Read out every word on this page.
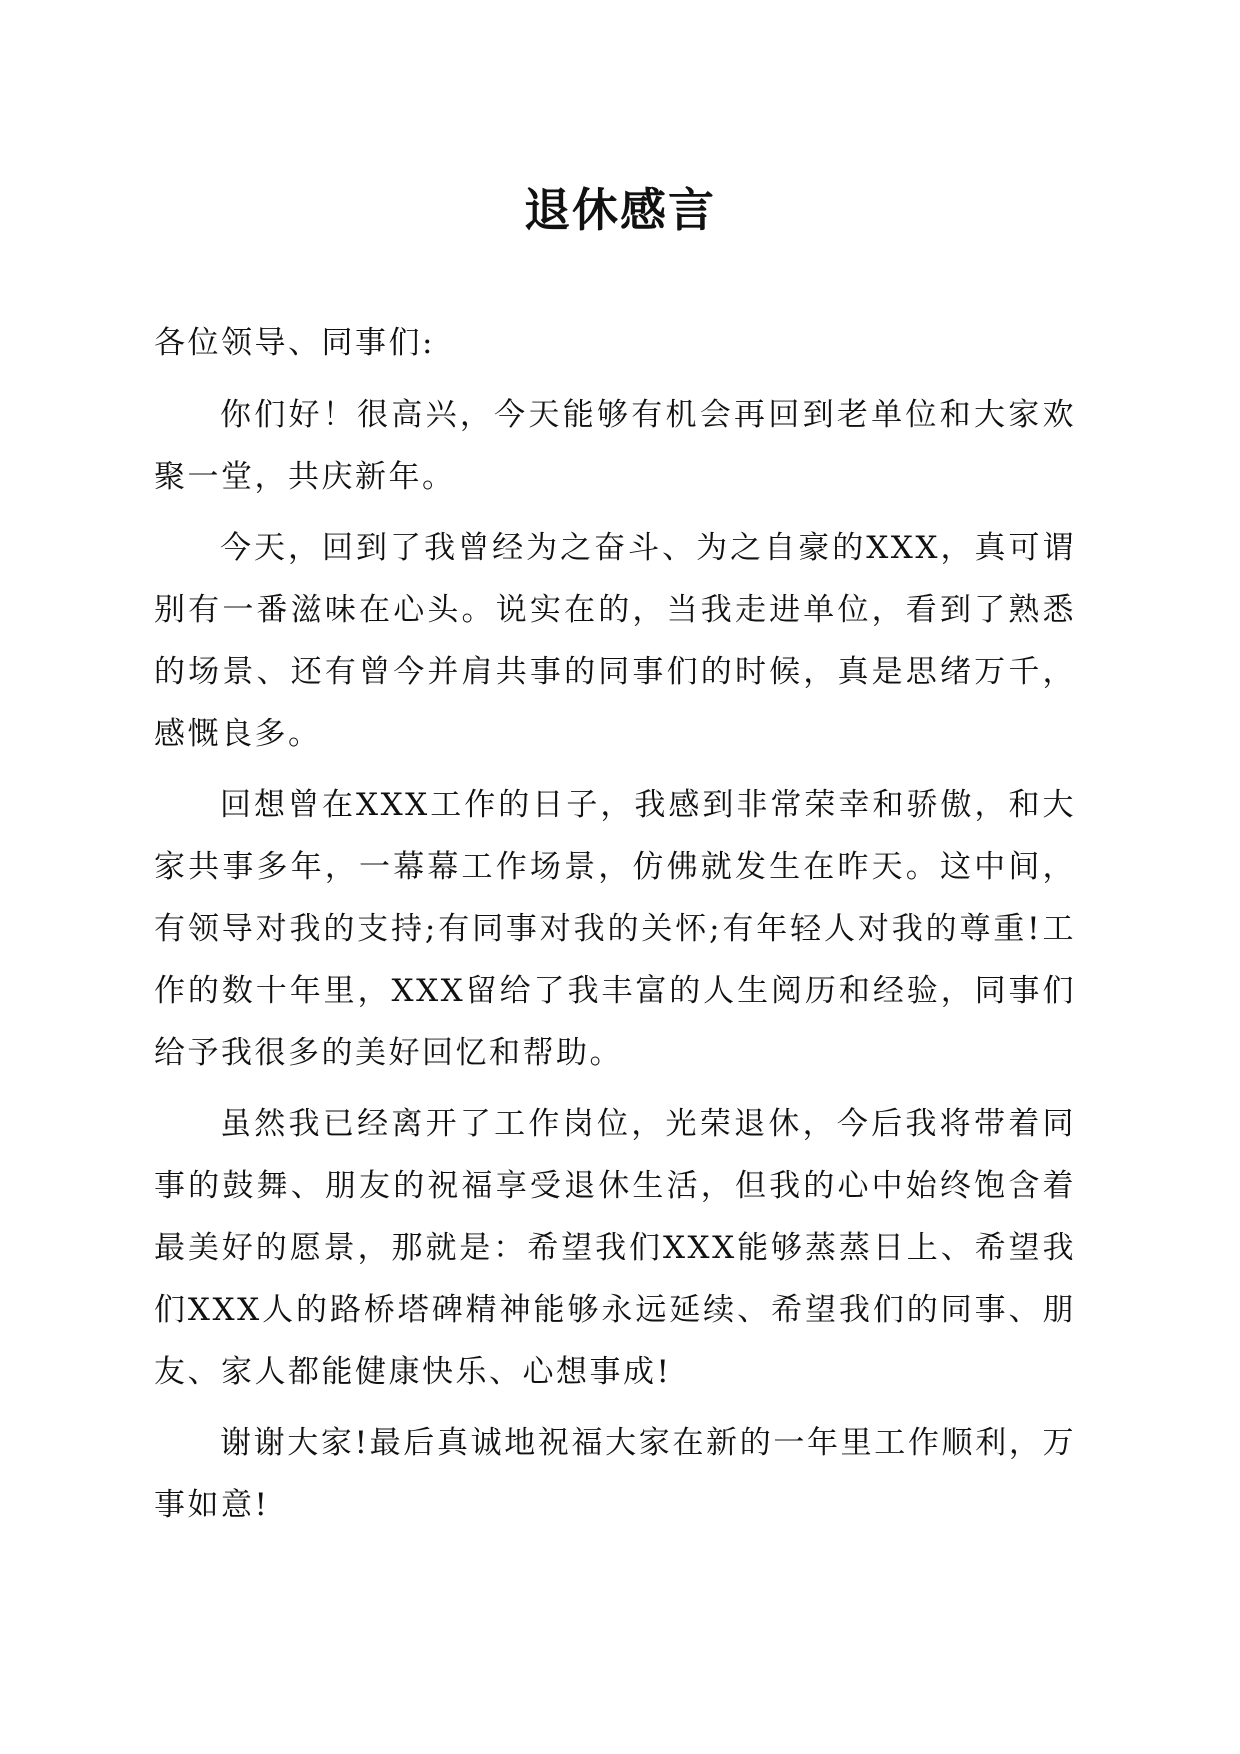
退休感言

各位领导、同事们:

你们好！很高兴，今天能够有机会再回到老单位和大家欢聚一堂，共庆新年。

今天，回到了我曾经为之奋斗、为之自豪的XXX，真可谓别有一番滋味在心头。说实在的，当我走进单位，看到了熟悉的场景、还有曾今并肩共事的同事们的时候，真是思绪万千，感慨良多。

回想曾在XXX工作的日子，我感到非常荣幸和骄傲，和大家共事多年，一幕幕工作场景，仿佛就发生在昨天。这中间，有领导对我的支持;有同事对我的关怀;有年轻人对我的尊重!工作的数十年里，XXX留给了我丰富的人生阅历和经验，同事们给予我很多的美好回忆和帮助。

虽然我已经离开了工作岗位，光荣退休，今后我将带着同事的鼓舞、朋友的祝福享受退休生活，但我的心中始终饱含着最美好的愿景，那就是：希望我们XXX能够蒸蒸日上、希望我们XXX人的路桥塔碑精神能够永远延续、希望我们的同事、朋友、家人都能健康快乐、心想事成!

谢谢大家!最后真诚地祝福大家在新的一年里工作顺利，万事如意!
